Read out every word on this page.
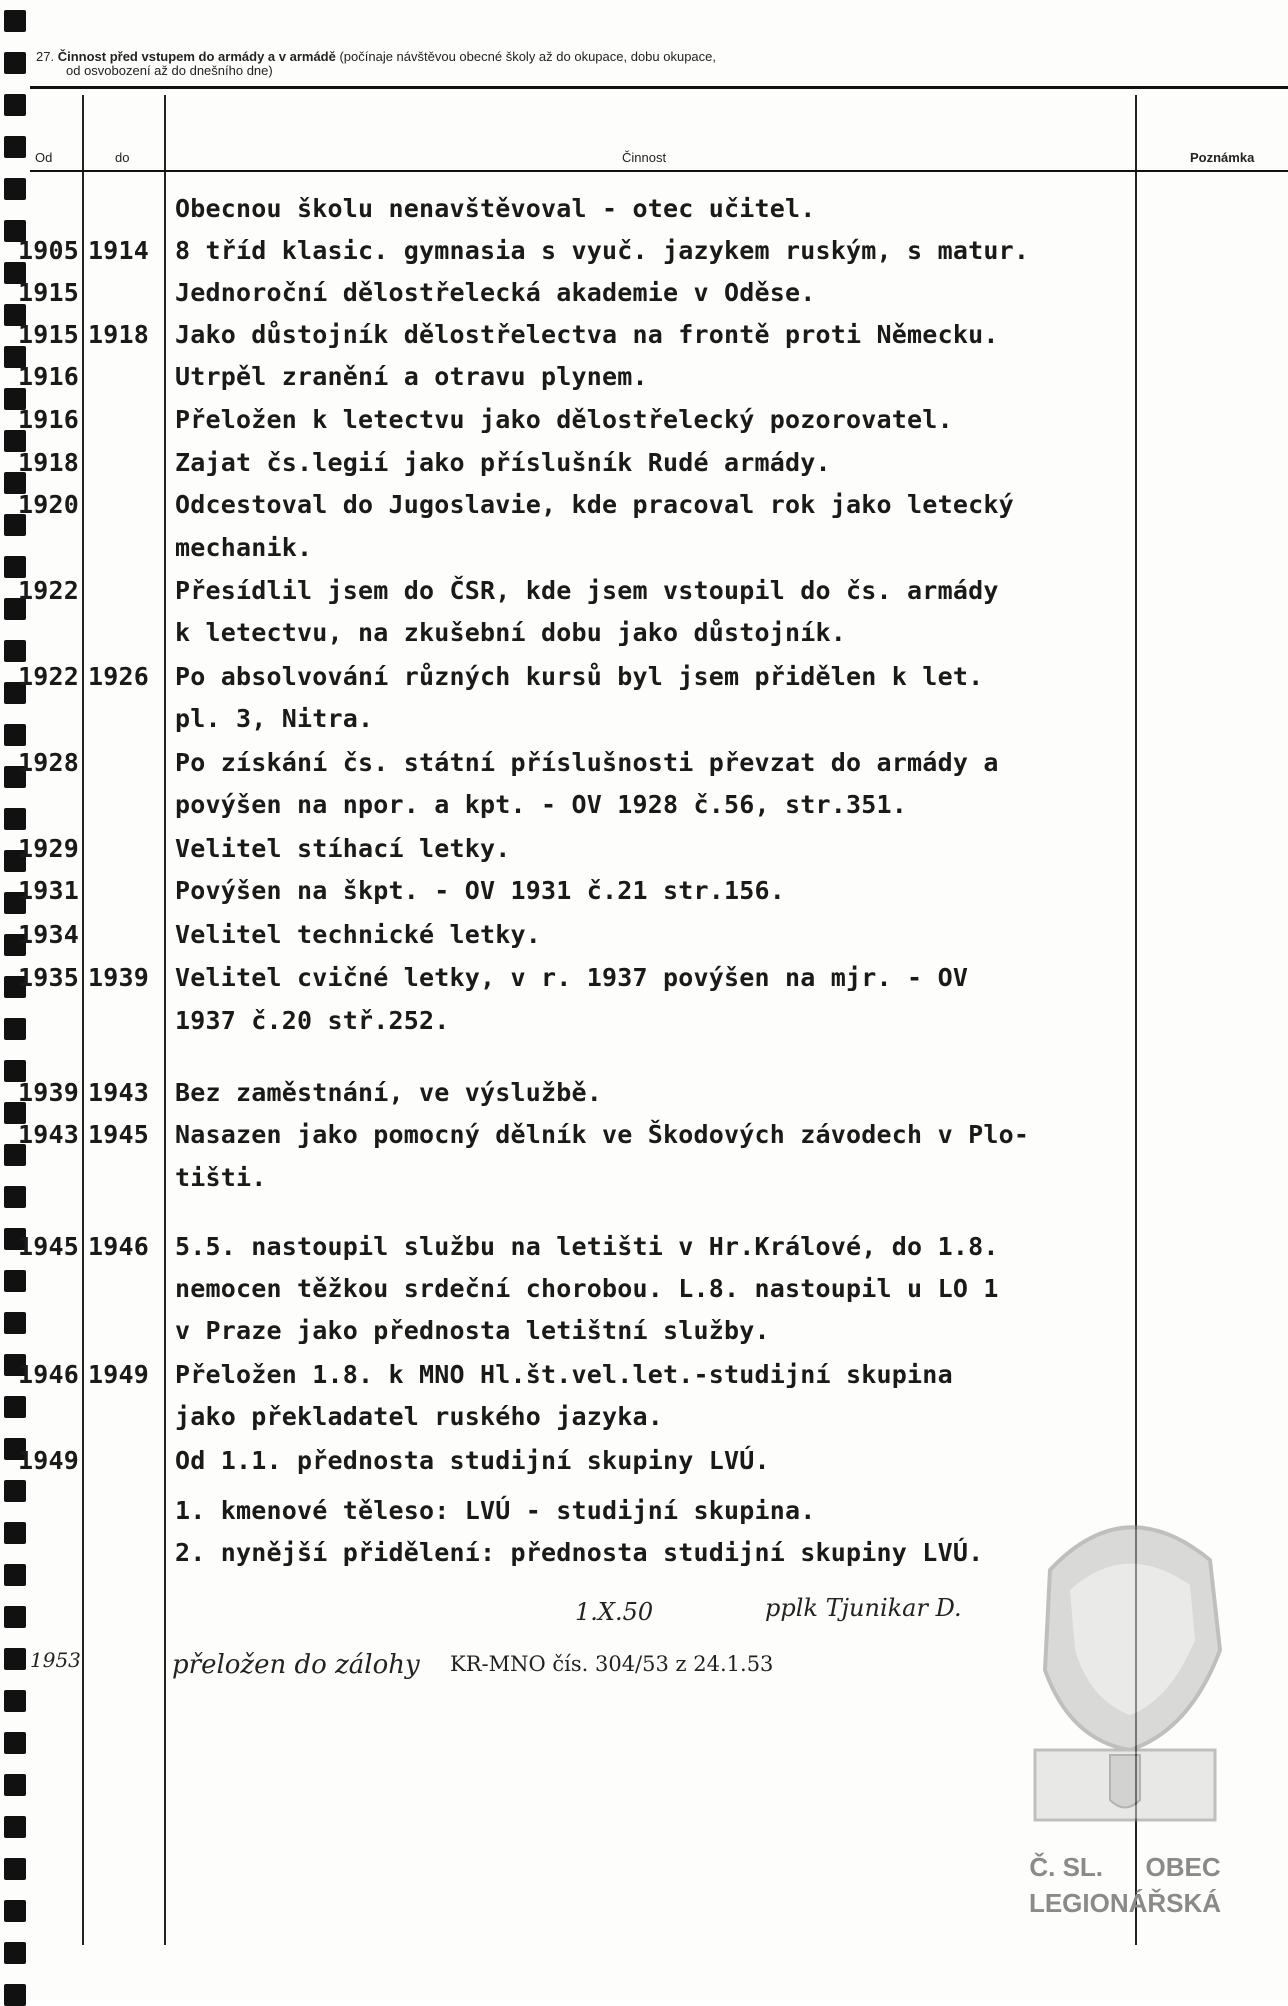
27. Činnost před vstupem do armády a v armádě (počínaje návštěvou obecné školy až do okupace, dobu okupace,
od osvobození až do dnešního dne)
Od	do	Činnost	Poznámka
Obecnou školu nenavštěvoval - otec učitel.
1905 1914	8 tříd klasic. gymnasia s vyuč. jazykem ruským, s matur.
1915	Jednoroční dělostřelecká akademie v Oděse.
1915 1918	Jako důstojník dělostřelectva na frontě proti Německu.
1916	Utrpěl zranění a otravu plynem.
1916	Přeložen k letectvu jako dělostřelecký pozorovatel.
1918	Zajat čs.legií jako příslušník Rudé armády.
1920	Odcestoval do Jugoslavie, kde pracoval rok jako letecký
mechanik.
1922	Přesídlil jsem do ČSR, kde jsem vstoupil do čs. armády
k letectvu, na zkušební dobu jako důstojník.
1922 1926	Po absolvování různých kursů byl jsem přidělen k let.
pl. 3, Nitra.
1928	Po získání čs. státní příslušnosti převzat do armády a
povýšen na npor. a kpt. - OV 1928 č.56, str.351.
1929	Velitel stíhací letky.
1931	Povýšen na škpt. - OV 1931 č.21 str.156.
1934	Velitel technické letky.
1935 1939	Velitel cvičné letky, v r. 1937 povýšen na mjr. - OV
1937 č.20 stř.252.
1939 1943	Bez zaměstnání, ve výslužbě.
1943 1945	Nasazen jako pomocný dělník ve Škodových závodech v Plo-
tišti.
1945 1946	5.5. nastoupil službu na letišti v Hr.Králové, do 1.8.
nemocen těžkou srdeční chorobou. L.8. nastoupil u LO 1
v Praze jako přednosta letištní služby.
1946 1949	Přeložen 1.8. k MNO Hl.št.vel.let.-studijní skupina
jako překladatel ruského jazyka.
1949	Od 1.1. přednosta studijní skupiny LVÚ.
1. kmenové těleso: LVÚ - studijní skupina.
2. nynější přidělení: přednosta studijní skupiny LVÚ.
1.X.50	pplk Tjunikar D.
1953	přeložen do zálohy KR-MNO čís. 304/53 z 24.1.53
Č. SL. OBEC
LEGIONÁŘSKÁ
